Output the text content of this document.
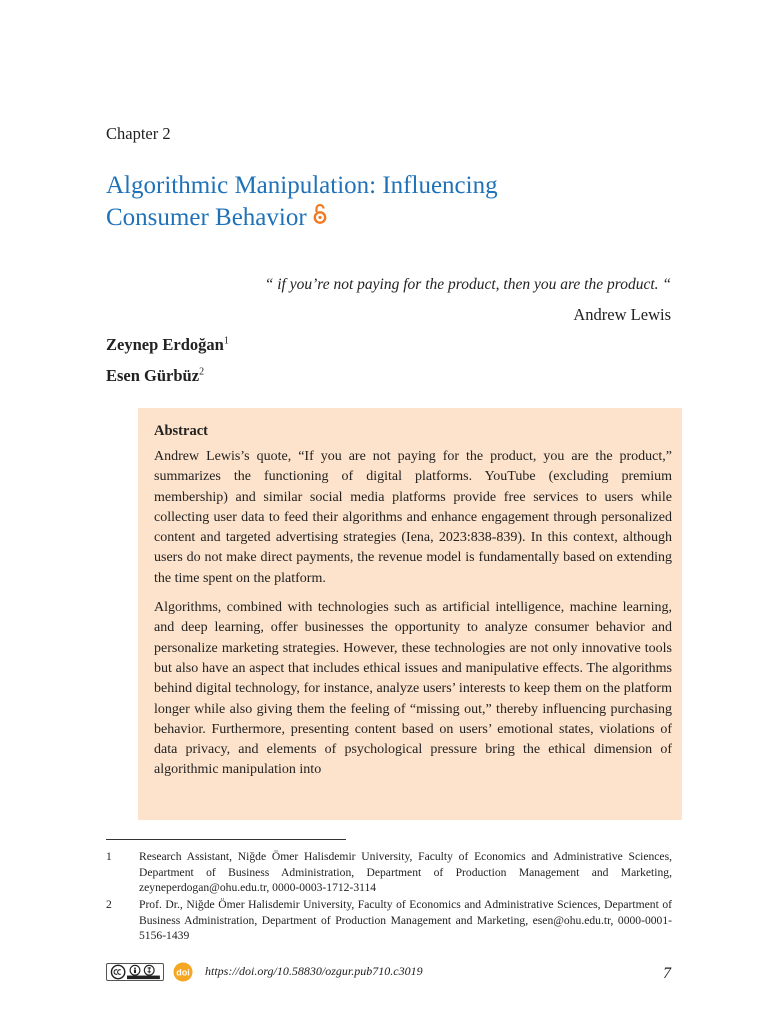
Chapter 2
Algorithmic Manipulation: Influencing
Consumer Behavior
“ if you’re not paying for the product, then you are the product. “
Andrew Lewis
Zeynep Erdoğan$^1$
Esen Gürbüz$^2$
Abstract

Andrew Lewis’s quote, “If you are not paying for the product, you are the product,” summarizes the functioning of digital platforms. YouTube (excluding premium membership) and similar social media platforms provide free services to users while collecting user data to feed their algorithms and enhance engagement through personalized content and targeted advertising strategies (Iena, 2023:838-839). In this context, although users do not make direct payments, the revenue model is fundamentally based on extending the time spent on the platform.

Algorithms, combined with technologies such as artificial intelligence, machine learning, and deep learning, offer businesses the opportunity to analyze consumer behavior and personalize marketing strategies. However, these technologies are not only innovative tools but also have an aspect that includes ethical issues and manipulative effects. The algorithms behind digital technology, for instance, analyze users’ interests to keep them on the platform longer while also giving them the feeling of “missing out,” thereby influencing purchasing behavior. Furthermore, presenting content based on users’ emotional states, violations of data privacy, and elements of psychological pressure bring the ethical dimension of algorithmic manipulation into

1 Research Assistant, Niğde Ömer Halisdemir University, Faculty of Economics and Administrative Sciences, Department of Business Administration, Department of Production Management and Marketing, zeyneperdogan@ohu.edu.tr, 0000-0003-1712-3114
2 Prof. Dr., Niğde Ömer Halisdemir University, Faculty of Economics and Administrative Sciences, Department of Business Administration, Department of Production Management and Marketing, esen@ohu.edu.tr, 0000-0001-5156-1439
doi https://doi.org/10.58830/ozgur.pub710.c3019	7
